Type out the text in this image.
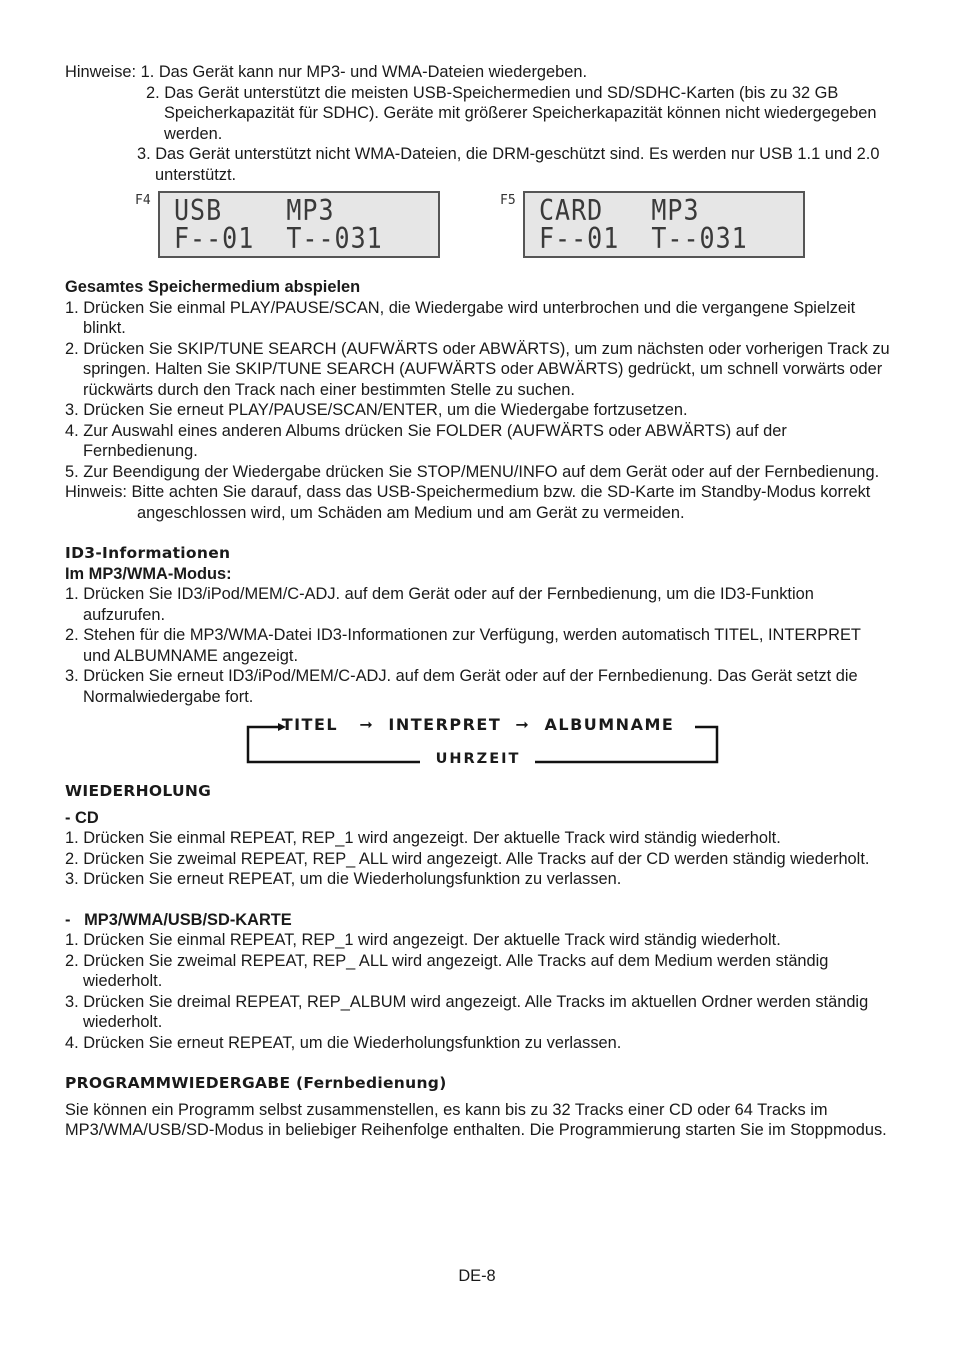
Hinweise: 1. Das Gerät kann nur MP3- und WMA-Dateien wiedergeben.

2. Das Gerät unterstützt die meisten USB-Speichermedien und SD/SDHC-Karten (bis zu 32 GB Speicherkapazität für SDHC). Geräte mit größerer Speicherkapazität können nicht wiedergegeben werden.

3. Das Gerät unterstützt nicht WMA-Dateien, die DRM-geschützt sind. Es werden nur USB 1.1 und 2.0 unterstützt.

F4 USB    MP3
F--01  T--031
F5 CARD   MP3
F--01  T--031

Gesamtes Speichermedium abspielen

1. Drücken Sie einmal PLAY/PAUSE/SCAN, die Wiedergabe wird unterbrochen und die vergangene Spielzeit blinkt.

2. Drücken Sie SKIP/TUNE SEARCH (AUFWÄRTS oder ABWÄRTS), um zum nächsten oder vorherigen Track zu springen. Halten Sie SKIP/TUNE SEARCH (AUFWÄRTS oder ABWÄRTS) gedrückt, um schnell vorwärts oder rückwärts durch den Track nach einer bestimmten Stelle zu suchen.

3. Drücken Sie erneut PLAY/PAUSE/SCAN/ENTER, um die Wiedergabe fortzusetzen.

4. Zur Auswahl eines anderen Albums drücken Sie FOLDER (AUFWÄRTS oder ABWÄRTS) auf der Fernbedienung.

5. Zur Beendigung der Wiedergabe drücken Sie STOP/MENU/INFO auf dem Gerät oder auf der Fernbedienung.

Hinweis: Bitte achten Sie darauf, dass das USB-Speichermedium bzw. die SD-Karte im Standby-Modus korrekt angeschlossen wird, um Schäden am Medium und am Gerät zu vermeiden.

ID3-Informationen

Im MP3/WMA-Modus:

1. Drücken Sie ID3/iPod/MEM/C-ADJ. auf dem Gerät oder auf der Fernbedienung, um die ID3-Funktion aufzurufen.

2. Stehen für die MP3/WMA-Datei ID3-Informationen zur Verfügung, werden automatisch TITEL, INTERPRET und ALBUMNAME angezeigt.

3. Drücken Sie erneut ID3/iPod/MEM/C-ADJ. auf dem Gerät oder auf der Fernbedienung. Das Gerät setzt die Normalwiedergabe fort.

TITEL   ➞  INTERPRET  ➞  ALBUMNAME
UHRZEIT

WIEDERHOLUNG

- CD

1. Drücken Sie einmal REPEAT, REP_1 wird angezeigt. Der aktuelle Track wird ständig wiederholt.

2. Drücken Sie zweimal REPEAT, REP_ ALL wird angezeigt. Alle Tracks auf der CD werden ständig wiederholt.

3. Drücken Sie erneut REPEAT, um die Wiederholungsfunktion zu verlassen.

-   MP3/WMA/USB/SD-KARTE

1. Drücken Sie einmal REPEAT, REP_1 wird angezeigt. Der aktuelle Track wird ständig wiederholt.

2. Drücken Sie zweimal REPEAT, REP_ ALL wird angezeigt. Alle Tracks auf dem Medium werden ständig wiederholt.

3. Drücken Sie dreimal REPEAT, REP_ALBUM wird angezeigt. Alle Tracks im aktuellen Ordner werden ständig wiederholt.

4. Drücken Sie erneut REPEAT, um die Wiederholungsfunktion zu verlassen.

PROGRAMMWIEDERGABE (Fernbedienung)

Sie können ein Programm selbst zusammenstellen, es kann bis zu 32 Tracks einer CD oder 64 Tracks im MP3/WMA/USB/SD-Modus in beliebiger Reihenfolge enthalten. Die Programmierung starten Sie im Stoppmodus.

DE-8
